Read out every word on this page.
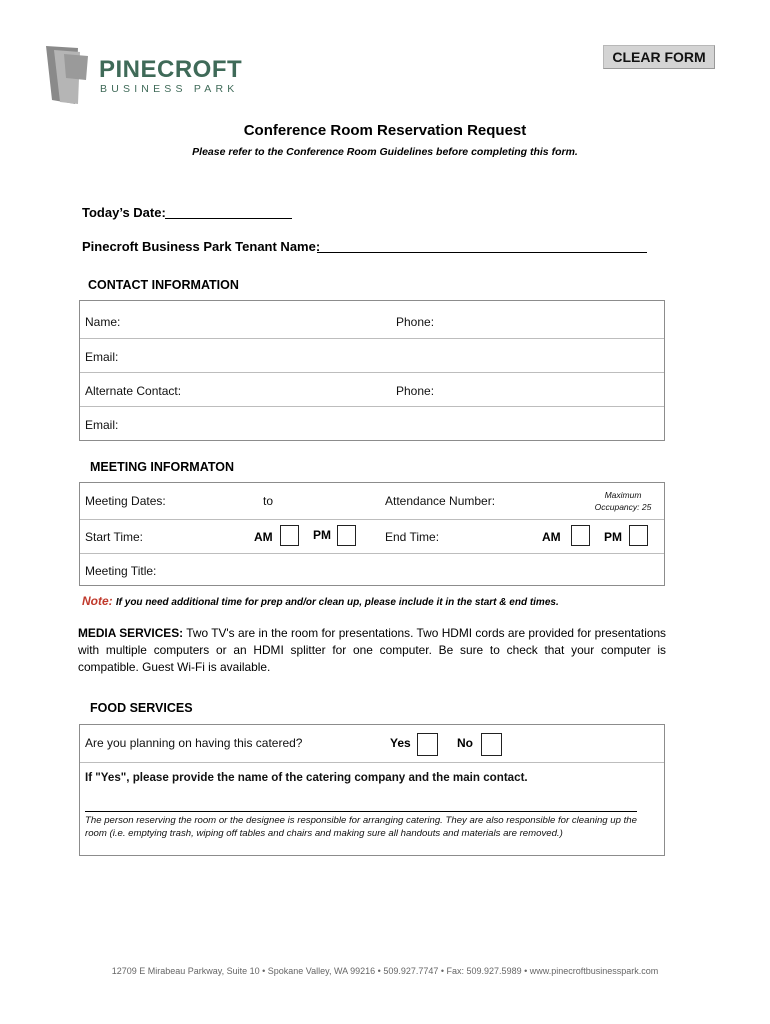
PINECROFT
BUSINESS PARK
CLEAR FORM
Conference Room Reservation Request
Please refer to the Conference Room Guidelines before completing this form.
Today’s Date:
Pinecroft Business Park Tenant Name:
CONTACT INFORMATION
Name:	Phone:
Email:
Alternate Contact:	Phone:
Email:
MEETING INFORMATON
Meeting Dates:	to	Attendance Number:	Maximum
Occupancy: 25
Start Time:	AM	PM	End Time:	AM	PM
Meeting Title:
Note: If you need additional time for prep and/or clean up, please include it in the start & end times.
MEDIA SERVICES: Two TV's are in the room for presentations. Two HDMI cords are provided for presentations with multiple computers or an HDMI splitter for one computer. Be sure to check that your computer is compatible. Guest Wi-Fi is available.
FOOD SERVICES
Are you planning on having this catered?	Yes	No
If "Yes", please provide the name of the catering company and the main contact.
The person reserving the room or the designee is responsible for arranging catering. They are also responsible for cleaning up the room (i.e. emptying trash, wiping off tables and chairs and making sure all handouts and materials are removed.)
12709 E Mirabeau Parkway, Suite 10 • Spokane Valley, WA 99216 • 509.927.7747 • Fax: 509.927.5989 • www.pinecroftbusinesspark.com
